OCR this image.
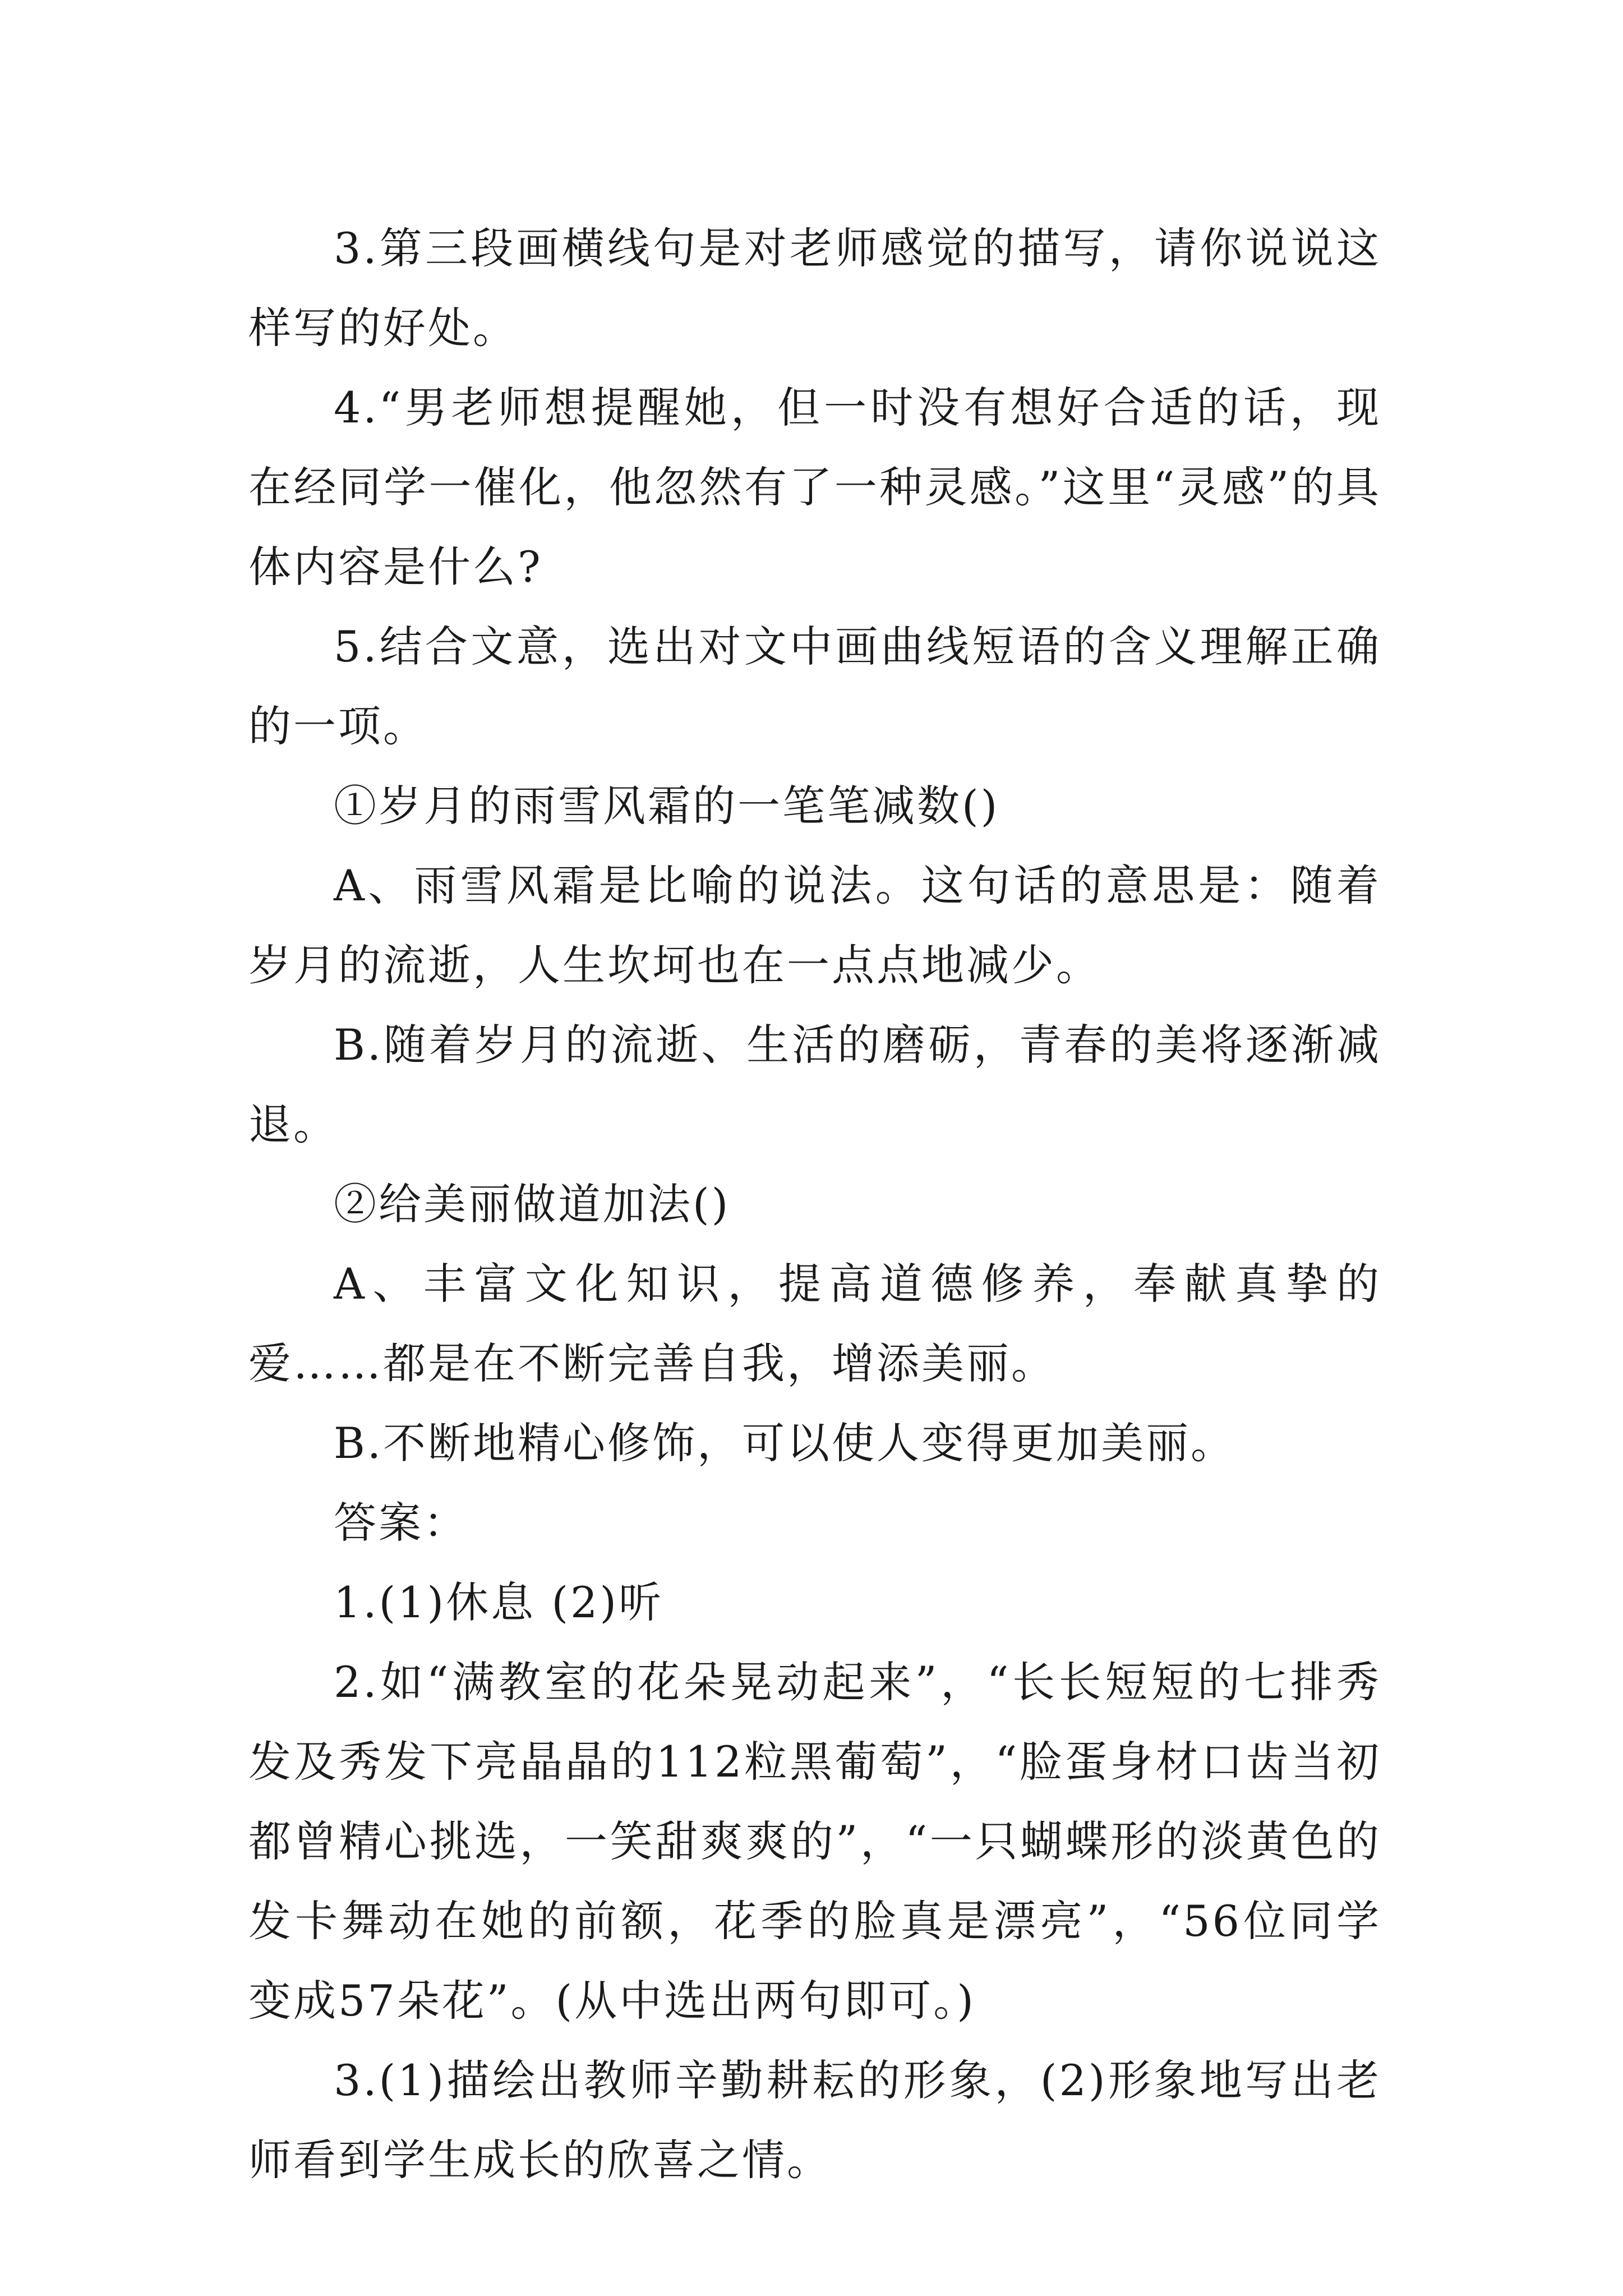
3.第三段画横线句是对老师感觉的描写，请你说说这样写的好处。

4.“男老师想提醒她，但一时没有想好合适的话，现在经同学一催化，他忽然有了一种灵感。”这里“灵感”的具体内容是什么?

5.结合文意，选出对文中画曲线短语的含义理解正确的一项。

①岁月的雨雪风霜的一笔笔减数()

A、雨雪风霜是比喻的说法。这句话的意思是：随着岁月的流逝，人生坎坷也在一点点地减少。

B.随着岁月的流逝、生活的磨砺，青春的美将逐渐减退。

②给美丽做道加法()

A、丰富文化知识，提高道德修养，奉献真挚的爱……都是在不断完善自我，增添美丽。

B.不断地精心修饰，可以使人变得更加美丽。

答案：

1.(1)休息 (2)听

2.如“满教室的花朵晃动起来”，“长长短短的七排秀发及秀发下亮晶晶的112粒黑葡萄”，“脸蛋身材口齿当初都曾精心挑选，一笑甜爽爽的”，“一只蝴蝶形的淡黄色的发卡舞动在她的前额，花季的脸真是漂亮”，“56位同学变成57朵花”。(从中选出两句即可。)

3.(1)描绘出教师辛勤耕耘的形象，(2)形象地写出老师看到学生成长的欣喜之情。
